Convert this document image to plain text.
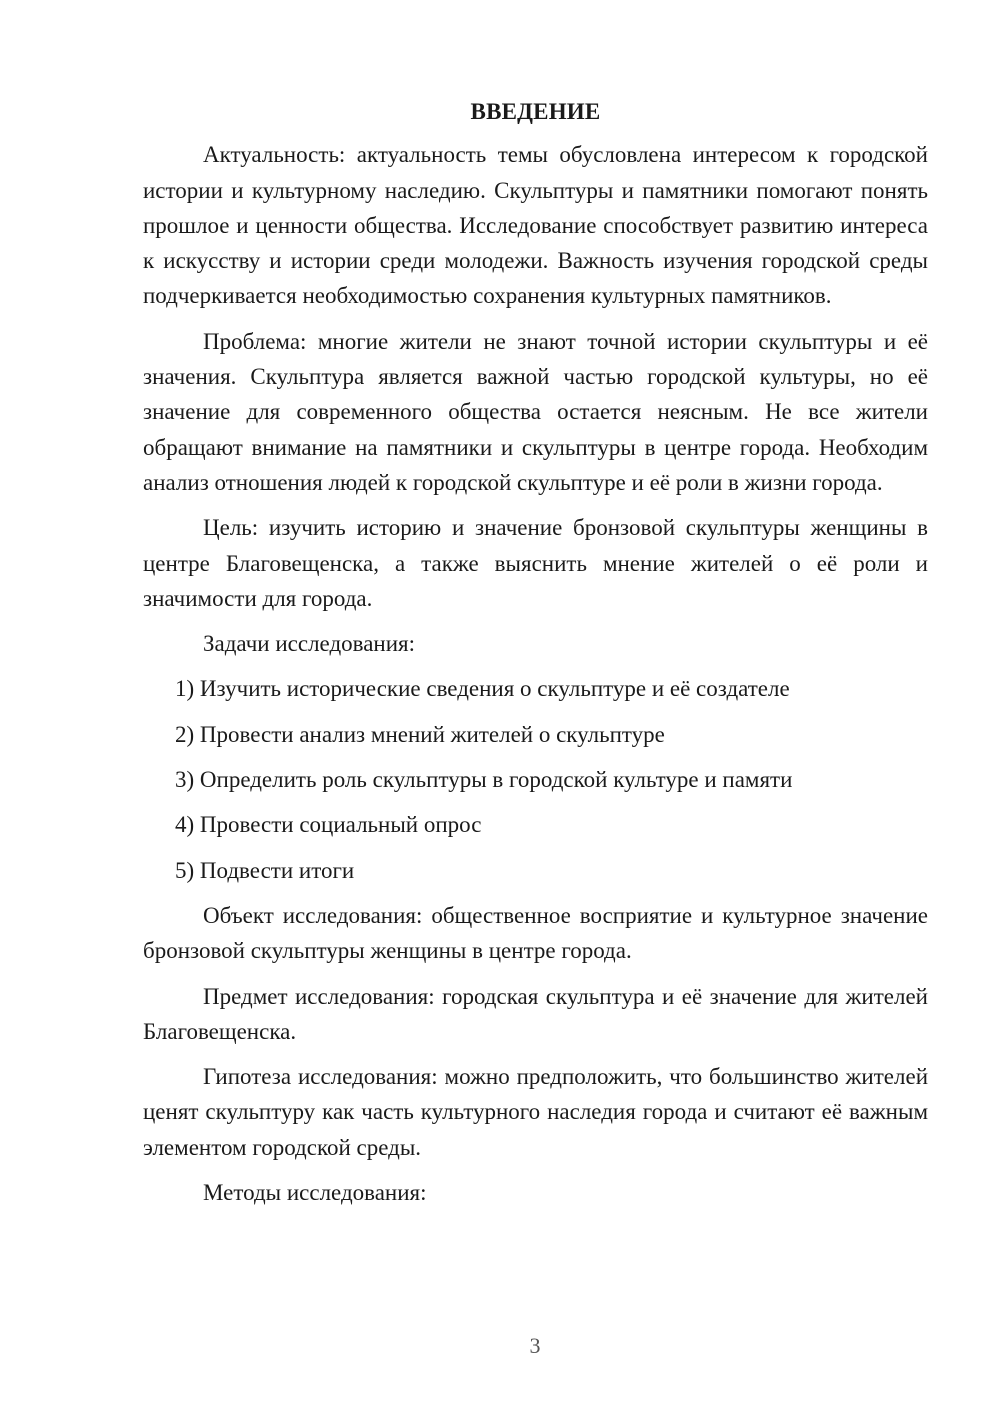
ВВЕДЕНИЕ

Актуальность: актуальность темы обусловлена интересом к городской истории и культурному наследию. Скульптуры и памятники помогают понять прошлое и ценности общества. Исследование способствует развитию интереса к искусству и истории среди молодежи. Важность изучения городской среды подчеркивается необходимостью сохранения культурных памятников.

Проблема: многие жители не знают точной истории скульптуры и её значения. Скульптура является важной частью городской культуры, но её значение для современного общества остается неясным. Не все жители обращают внимание на памятники и скульптуры в центре города. Необходим анализ отношения людей к городской скульптуре и её роли в жизни города.

Цель: изучить историю и значение бронзовой скульптуры женщины в центре Благовещенска, а также выяснить мнение жителей о её роли и значимости для города.

Задачи исследования:

1) Изучить исторические сведения о скульптуре и её создателе
2) Провести анализ мнений жителей о скульптуре
3) Определить роль скульптуры в городской культуре и памяти
4) Провести социальный опрос
5) Подвести итоги

Объект исследования: общественное восприятие и культурное значение бронзовой скульптуры женщины в центре города.

Предмет исследования: городская скульптура и её значение для жителей Благовещенска.

Гипотеза исследования: можно предположить, что большинство жителей ценят скульптуру как часть культурного наследия города и считают её важным элементом городской среды.

Методы исследования:

3
